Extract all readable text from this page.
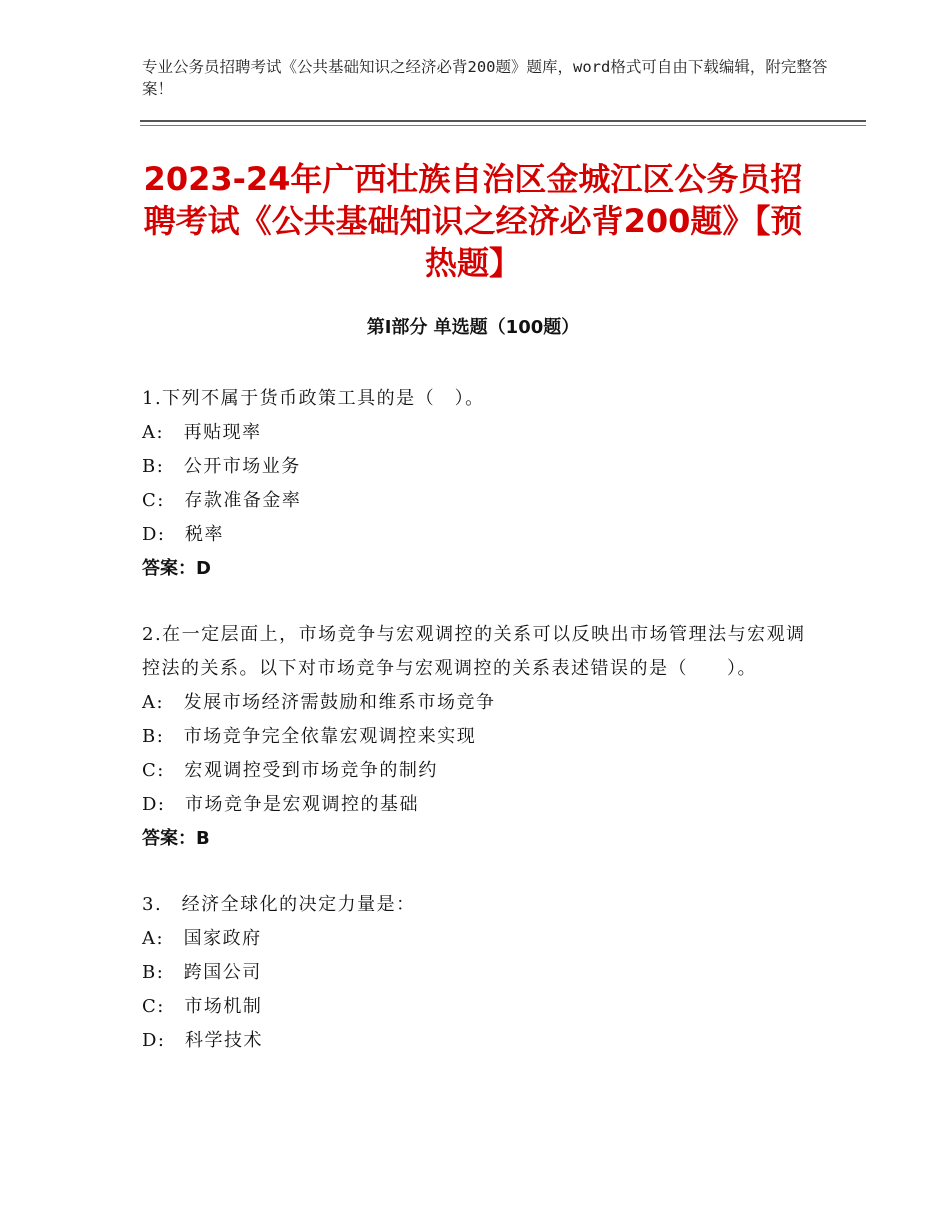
专业公务员招聘考试《公共基础知识之经济必背200题》题库，word格式可自由下载编辑，附完整答案！
2023-24年广西壮族自治区金城江区公务员招聘考试《公共基础知识之经济必背200题》【预热题】
第Ⅰ部分 单选题（100题）
1.下列不属于货币政策工具的是（　）。
A:　再贴现率
B:　公开市场业务
C:　存款准备金率
D:　税率
答案：D
2.在一定层面上，市场竞争与宏观调控的关系可以反映出市场管理法与宏观调控法的关系。以下对市场竞争与宏观调控的关系表述错误的是（　　）。
A:　发展市场经济需鼓励和维系市场竞争
B:　市场竞争完全依靠宏观调控来实现
C:　宏观调控受到市场竞争的制约
D:　市场竞争是宏观调控的基础
答案：B
3.　经济全球化的决定力量是：
A:　国家政府
B:　跨国公司
C:　市场机制
D:　科学技术
